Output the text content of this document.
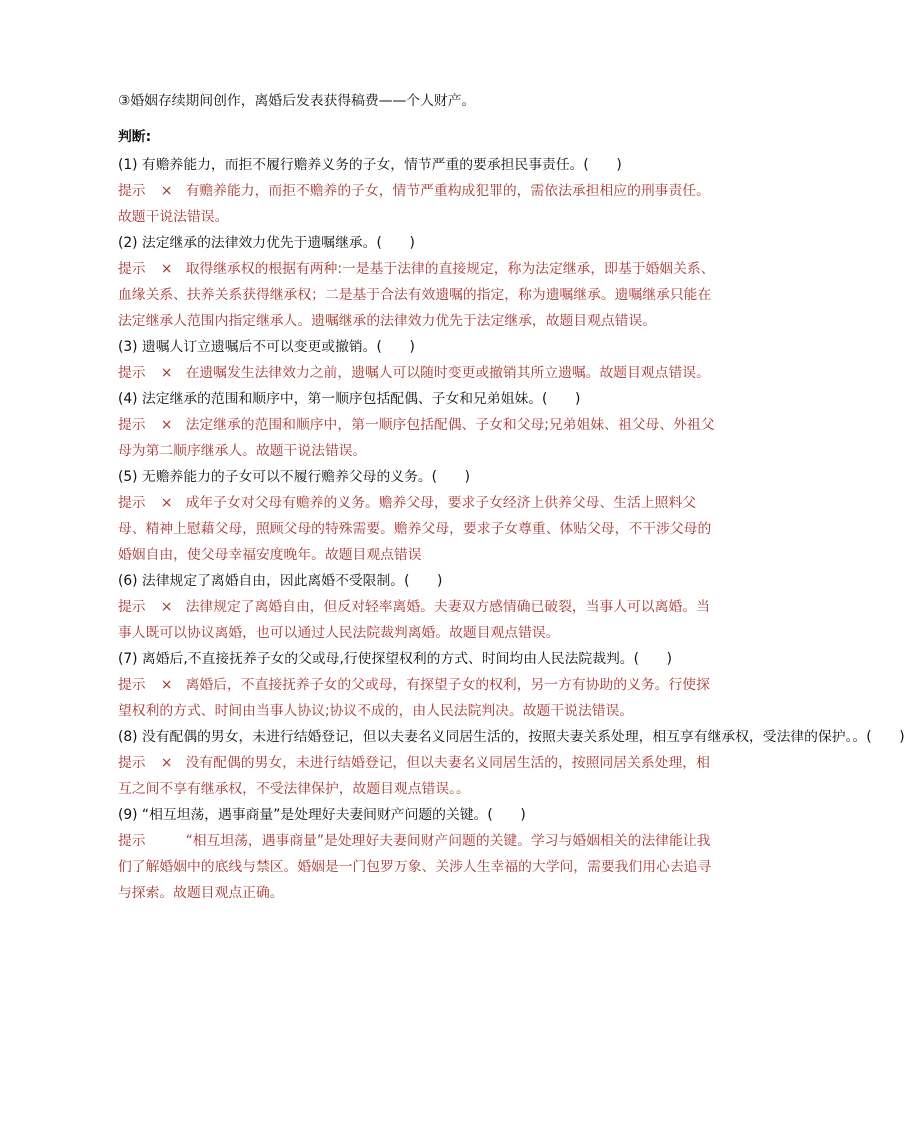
③婚姻存续期间创作，离婚后发表获得稿费——个人财产。
判断:
(1) 有赡养能力，而拒不履行赡养义务的子女，情节严重的要承担民事责任。(　　)
提示 × 有赡养能力，而拒不赡养的子女，情节严重构成犯罪的，需依法承担相应的刑事责任。故题干说法错误。
(2) 法定继承的法律效力优先于遗嘱继承。(　　)
提示 × 取得继承权的根据有两种:一是基于法律的直接规定，称为法定继承，即基于婚姻关系、血缘关系、扶养关系获得继承权；二是基于合法有效遗嘱的指定，称为遗嘱继承。遗嘱继承只能在法定继承人范围内指定继承人。遗嘱继承的法律效力优先于法定继承，故题目观点错误。
(3) 遗嘱人订立遗嘱后不可以变更或撤销。(　　)
提示 × 在遗嘱发生法律效力之前，遗嘱人可以随时变更或撤销其所立遗嘱。故题目观点错误。
(4) 法定继承的范围和顺序中，第一顺序包括配偶、子女和兄弟姐妹。(　　)
提示 × 法定继承的范围和顺序中，第一顺序包括配偶、子女和父母;兄弟姐妹、祖父母、外祖父母为第二顺序继承人。故题干说法错误。
(5) 无赡养能力的子女可以不履行赡养父母的义务。(　　)
提示 × 成年子女对父母有赡养的义务。赡养父母，要求子女经济上供养父母、生活上照料父母、精神上慰藉父母，照顾父母的特殊需要。赡养父母，要求子女尊重、体贴父母，不干涉父母的婚姻自由，使父母幸福安度晚年。故题目观点错误
(6) 法律规定了离婚自由，因此离婚不受限制。(　　)
提示 × 法律规定了离婚自由，但反对轻率离婚。夫妻双方感情确已破裂，当事人可以离婚。当事人既可以协议离婚，也可以通过人民法院裁判离婚。故题目观点错误。
(7) 离婚后,不直接抚养子女的父或母,行使探望权利的方式、时间均由人民法院裁判。(　　)
提示 × 离婚后，不直接抚养子女的父或母，有探望子女的权利，另一方有协助的义务。行使探望权利的方式、时间由当事人协议;协议不成的，由人民法院判决。故题干说法错误。
(8) 没有配偶的男女，未进行结婚登记，但以夫妻名义同居生活的，按照夫妻关系处理，相互享有继承权，受法律的保护。。(　　)
提示 × 没有配偶的男女，未进行结婚登记，但以夫妻名义同居生活的，按照同居关系处理，相互之间不享有继承权，不受法律保护，故题目观点错误。。
(9) “相互坦荡，遇事商量”是处理好夫妻间财产问题的关键。(　　)
提示	“相互坦荡，遇事商量”是处理好夫妻间财产问题的关键。学习与婚姻相关的法律能让我们了解婚姻中的底线与禁区。婚姻是一门包罗万象、关涉人生幸福的大学问，需要我们用心去追寻与探索。故题目观点正确。
